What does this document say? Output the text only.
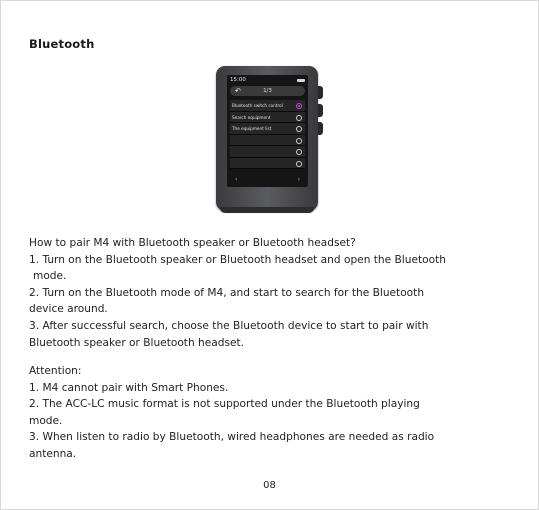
Bluetooth
15:00
↶	1/3
Bluetooth switch control
Search equipment
The equipment list
‹	›

How to pair M4 with Bluetooth speaker or Bluetooth headset?

1. Turn on the Bluetooth speaker or Bluetooth headset and open the Bluetooth

mode.

2. Turn on the Bluetooth mode of M4, and start to search for the Bluetooth

device around.

3. After successful search, choose the Bluetooth device to start to pair with

Bluetooth speaker or Bluetooth headset.

Attention:

1. M4 cannot pair with Smart Phones.

2. The ACC-LC music format is not supported under the Bluetooth playing

mode.

3. When listen to radio by Bluetooth, wired headphones are needed as radio

antenna.

08
